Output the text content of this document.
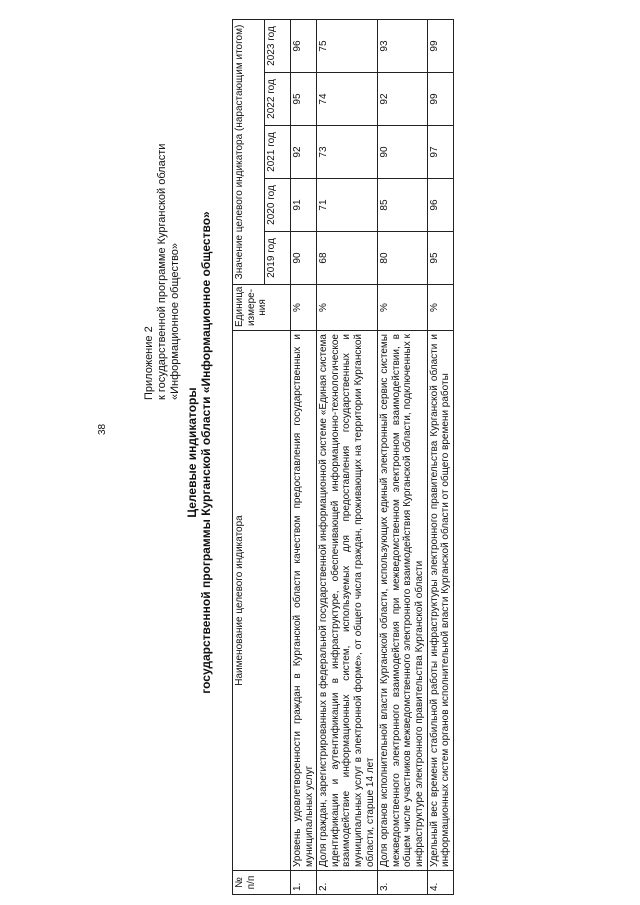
38
Приложение 2 к государственной программе Курганской области «Информационное общество»
Целевые индикаторы государственной программы Курганской области «Информационное общество»
№ п/п	Наименование целевого индикатора	Единица измере-ния	Значение целевого индикатора (нарастающим итогом)				
			2019 год	2020 год	2021 год	2022 год	2023 год
1.	Уровень удовлетворенности граждан в Курганской области качеством предоставления государственных и муниципальных услуг	%	90	91	92	95	96
2.	Доля граждан, зарегистрированных в федеральной государственной информационной системе «Единая система идентификации и аутентификации в инфраструктуре, обеспечивающей информационно-технологическое взаимодействие информационных систем, используемых для предоставления государственных и муниципальных услуг в электронной форме», от общего числа граждан, проживающих на территории Курганской области, старше 14 лет	%	68	71	73	74	75
3.	Доля органов исполнительной власти Курганской области, использующих единый электронный сервис системы межведомственного электронного взаимодействия при межведомственном электронном взаимодействии, в общем числе участников межведомственного электронного взаимодействия Курганской области, подключенных к инфраструктуре электронного правительства Курганской области	%	80	85	90	92	93
4.	Удельный вес времени стабильной работы инфраструктуры электронного правительства Курганской области и информационных систем органов исполнительной власти Курганской области от общего времени работы	%	95	96	97	99	99
